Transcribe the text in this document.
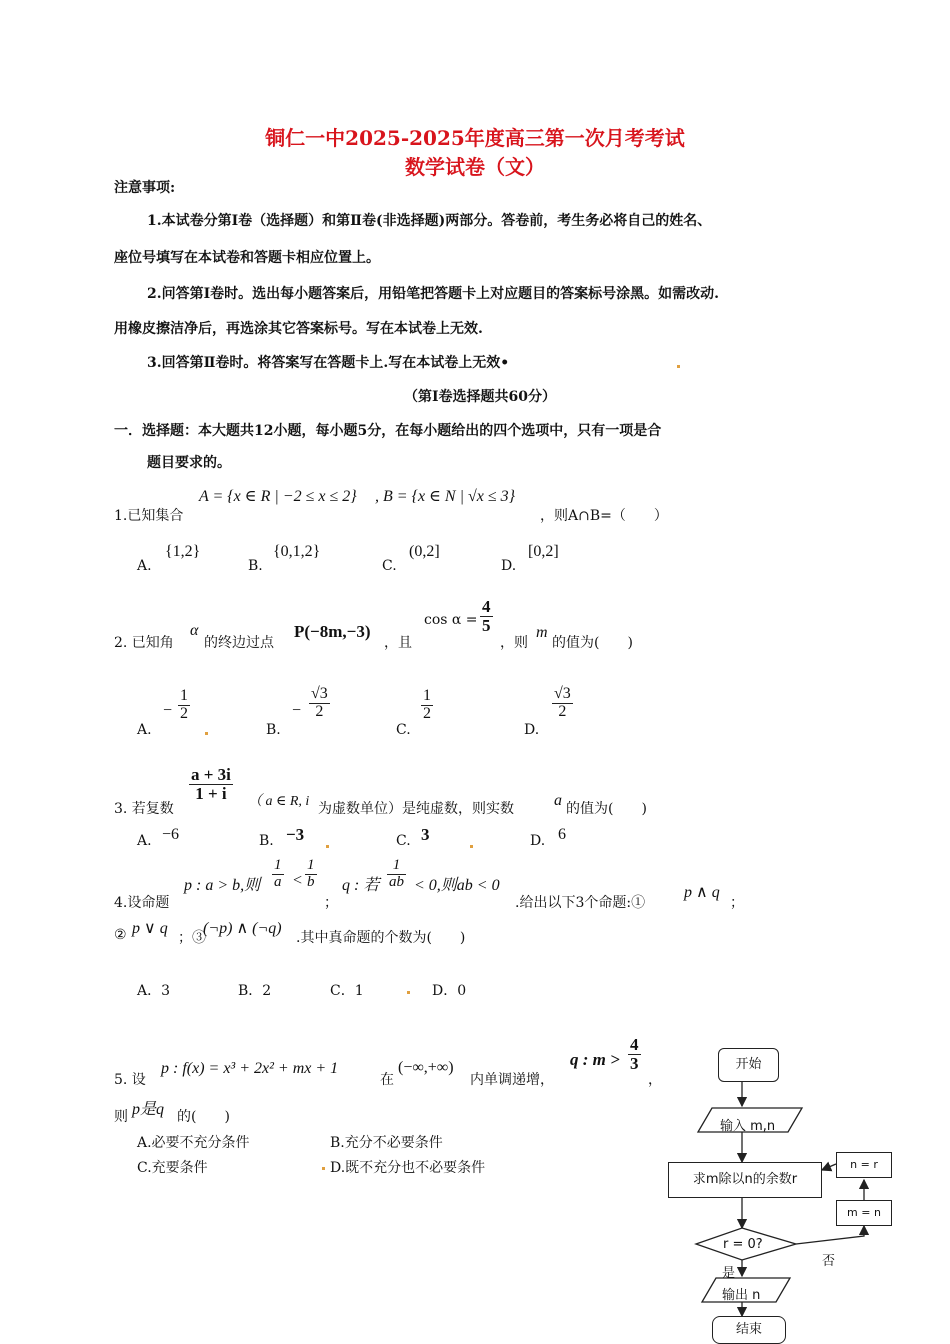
铜仁一中2025-2025年度高三第一次月考考试
数学试卷（文）
注意事项:
1.本试卷分第Ⅰ卷（选择题）和第Ⅱ卷(非选择题)两部分。答卷前，考生务必将自己的姓名、
座位号填写在本试卷和答题卡相应位置上。
2.问答第Ⅰ卷时。选出每小题答案后，用铅笔把答题卡上对应题目的答案标号涂黑。如需改动.
用橡皮擦洁净后，再选涂其它答案标号。写在本试卷上无效.
3.回答第Ⅱ卷时。将答案写在答题卡上.写在本试卷上无效•
（第Ⅰ卷选择题共60分）
一．选择题：本大题共12小题，每小题5分，在每小题给出的四个选项中，只有一项是合
题目要求的。
1.已知集合
A = {x ∈ R | −2 ≤ x ≤ 2} , B = {x ∈ N | √x ≤ 3}
，则A∩B=（　　）
A.
{1,2}
B.
{0,1,2}
C.
(0,2]
D.
[0,2]
2. 已知角
α
的终边过点
P(−8m,−3)
，且
$\cos \alpha = \frac{4}{5}$
，则
m
的值为(　　)
A.
− $\frac{1}{2}$
B.
− $\frac{√3}{2}$
C.
$\frac{1}{2}$
D.
$\frac{√3}{2}$
3. 若复数
$\frac{a + 3i}{1 + i}$ （ a ∈ R, i 为虚数单位）是纯虚数，则实数	a 的值为(　　)
A. −6	B. −3	C. 3	D. 6
4.设命题
p : a > b,则 $\frac{1}{a} < \frac{1}{b}$
；
q : 若 $\frac{1}{ab} < 0$,则ab < 0
.给出以下3个命题:①
p ∧ q
；
② p ∨ q
；③
(¬p) ∧ (¬q)
.其中真命题的个数为(　　)
A．3	B．2	C．1	D．0
5. 设
p : f(x) = x³ + 2x² + mx + 1
在
(−∞,+∞)
内单调递增，
q : $m > \frac{4}{3}$
，
则 p是q 的(　　)
A.必要不充分条件	B.充分不必要条件
C.充要条件	D.既不充分也不必要条件
开始
输入 m,n
求m除以n的余数r
r = 0?
否
是
m = n
n = r
输出 n
结束
